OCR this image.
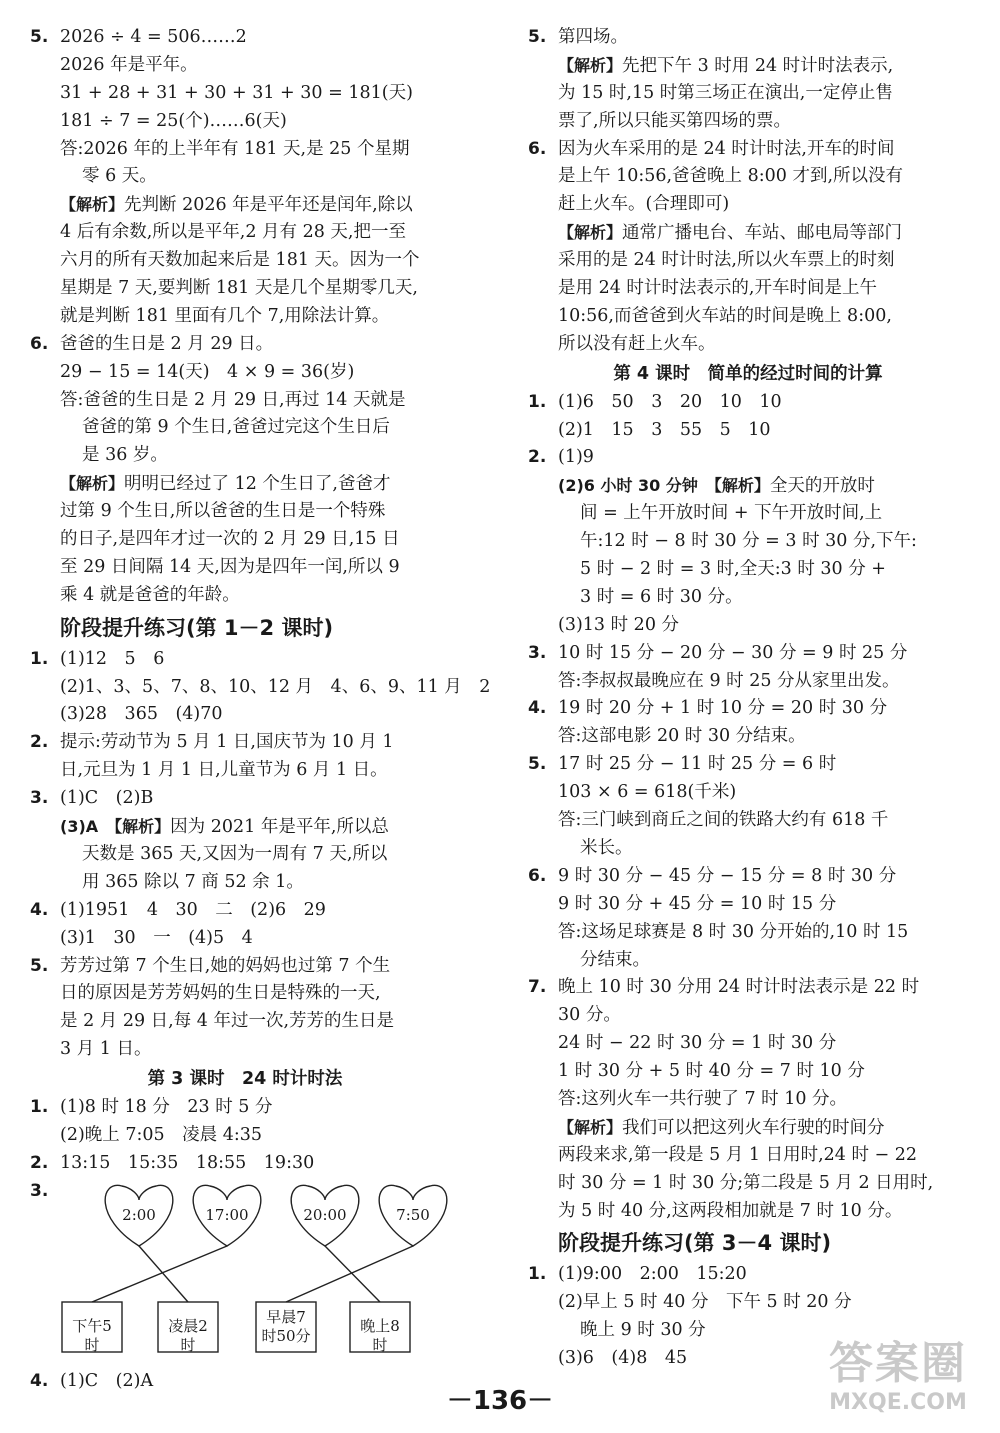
5. 2026 ÷ 4 = 506……2
2026 年是平年。
31 + 28 + 31 + 30 + 31 + 30 = 181(天)
181 ÷ 7 = 25(个)……6(天)
答:2026 年的上半年有 181 天,是 25 个星期
零 6 天。
【解析】先判断 2026 年是平年还是闰年,除以
4 后有余数,所以是平年,2 月有 28 天,把一至
六月的所有天数加起来后是 181 天。因为一个
星期是 7 天,要判断 181 天是几个星期零几天,
就是判断 181 里面有几个 7,用除法计算。
6. 爸爸的生日是 2 月 29 日。
29 − 15 = 14(天)　4 × 9 = 36(岁)
答:爸爸的生日是 2 月 29 日,再过 14 天就是
爸爸的第 9 个生日,爸爸过完这个生日后
是 36 岁。
【解析】明明已经过了 12 个生日了,爸爸才
过第 9 个生日,所以爸爸的生日是一个特殊
的日子,是四年才过一次的 2 月 29 日,15 日
至 29 日间隔 14 天,因为是四年一闰,所以 9
乘 4 就是爸爸的年龄。
阶段提升练习(第 1－2 课时)
1. (1)12　5　6
(2)1、3、5、7、8、10、12 月　4、6、9、11 月　2
(3)28　365　(4)70
2. 提示:劳动节为 5 月 1 日,国庆节为 10 月 1
日,元旦为 1 月 1 日,儿童节为 6 月 1 日。
3. (1)C　(2)B
(3)A　【解析】因为 2021 年是平年,所以总
天数是 365 天,又因为一周有 7 天,所以
用 365 除以 7 商 52 余 1。
4. (1)1951　4　30　二　(2)6　29
(3)1　30　一　(4)5　4
5. 芳芳过第 7 个生日,她的妈妈也过第 7 个生
日的原因是芳芳妈妈的生日是特殊的一天,
是 2 月 29 日,每 4 年过一次,芳芳的生日是
3 月 1 日。
第 3 课时　24 时计时法
1. (1)8 时 18 分　23 时 5 分
(2)晚上 7:05　凌晨 4:35
2. 13:15　15:35　18:55　19:30
3.
2:00	17:00	20:00	7:50
下午5时
凌晨2时
早晨7时50分
晚上8时
4. (1)C　(2)A
5. 第四场。
【解析】先把下午 3 时用 24 时计时法表示,
为 15 时,15 时第三场正在演出,一定停止售
票了,所以只能买第四场的票。
6. 因为火车采用的是 24 时计时法,开车的时间
是上午 10:56,爸爸晚上 8:00 才到,所以没有
赶上火车。(合理即可)
【解析】通常广播电台、车站、邮电局等部门
采用的是 24 时计时法,所以火车票上的时刻
是用 24 时计时法表示的,开车时间是上午
10:56,而爸爸到火车站的时间是晚上 8:00,
所以没有赶上火车。
第 4 课时　简单的经过时间的计算
1. (1)6　50　3　20　10　10
(2)1　15　3　55　5　10
2. (1)9
(2)6 小时 30 分钟　【解析】全天的开放时
间 = 上午开放时间 + 下午开放时间,上
午:12 时 − 8 时 30 分 = 3 时 30 分,下午:
5 时 − 2 时 = 3 时,全天:3 时 30 分 +
3 时 = 6 时 30 分。
(3)13 时 20 分
3. 10 时 15 分 − 20 分 − 30 分 = 9 时 25 分
答:李叔叔最晚应在 9 时 25 分从家里出发。
4. 19 时 20 分 + 1 时 10 分 = 20 时 30 分
答:这部电影 20 时 30 分结束。
5. 17 时 25 分 − 11 时 25 分 = 6 时
103 × 6 = 618(千米)
答:三门峡到商丘之间的铁路大约有 618 千
米长。
6. 9 时 30 分 − 45 分 − 15 分 = 8 时 30 分
9 时 30 分 + 45 分 = 10 时 15 分
答:这场足球赛是 8 时 30 分开始的,10 时 15
分结束。
7. 晚上 10 时 30 分用 24 时计时法表示是 22 时
30 分。
24 时 − 22 时 30 分 = 1 时 30 分
1 时 30 分 + 5 时 40 分 = 7 时 10 分
答:这列火车一共行驶了 7 时 10 分。
【解析】我们可以把这列火车行驶的时间分
两段来求,第一段是 5 月 1 日用时,24 时 − 22
时 30 分 = 1 时 30 分;第二段是 5 月 2 日用时,
为 5 时 40 分,这两段相加就是 7 时 10 分。
阶段提升练习(第 3－4 课时)
1. (1)9:00　2:00　15:20
(2)早上 5 时 40 分　下午 5 时 20 分
晚上 9 时 30 分
(3)6　(4)8　45
－136－
答案圈
MXQE.COM
